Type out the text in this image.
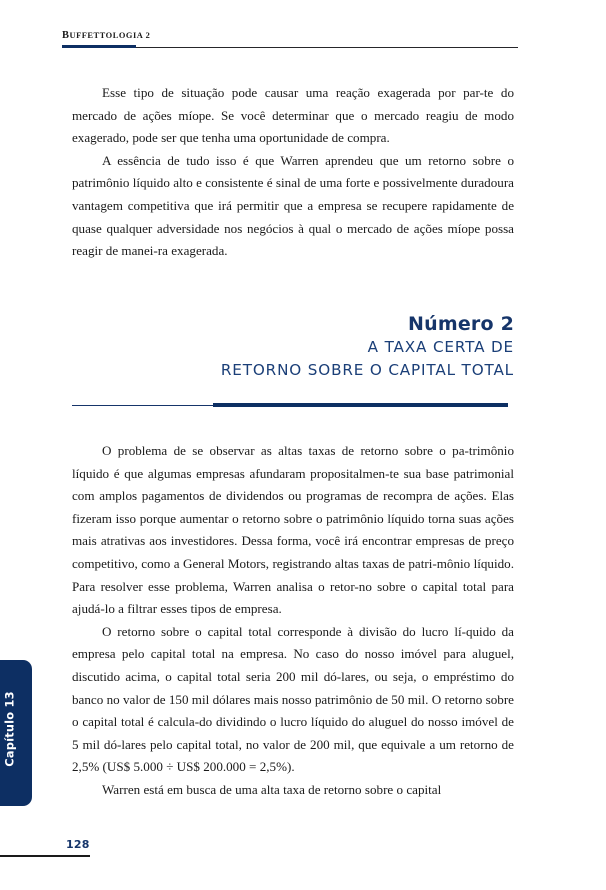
BUFFETTOLOGIA 2

Esse tipo de situação pode causar uma reação exagerada por par-te do mercado de ações míope. Se você determinar que o mercado reagiu de modo exagerado, pode ser que tenha uma oportunidade de compra.

A essência de tudo isso é que Warren aprendeu que um retorno sobre o patrimônio líquido alto e consistente é sinal de uma forte e possivelmente duradoura vantagem competitiva que irá permitir que a empresa se recupere rapidamente de quase qualquer adversidade nos negócios à qual o mercado de ações míope possa reagir de manei-ra exagerada.

Número 2

A TAXA CERTA DE

RETORNO SOBRE O CAPITAL TOTAL

O problema de se observar as altas taxas de retorno sobre o pa-trimônio líquido é que algumas empresas afundaram propositalmen-te sua base patrimonial com amplos pagamentos de dividendos ou programas de recompra de ações. Elas fizeram isso porque aumentar o retorno sobre o patrimônio líquido torna suas ações mais atrativas aos investidores. Dessa forma, você irá encontrar empresas de preço competitivo, como a General Motors, registrando altas taxas de patri-mônio líquido. Para resolver esse problema, Warren analisa o retor-no sobre o capital total para ajudá-lo a filtrar esses tipos de empresa.

O retorno sobre o capital total corresponde à divisão do lucro lí-quido da empresa pelo capital total na empresa. No caso do nosso imóvel para aluguel, discutido acima, o capital total seria 200 mil dó-lares, ou seja, o empréstimo do banco no valor de 150 mil dólares mais nosso patrimônio de 50 mil. O retorno sobre o capital total é calcula-do dividindo o lucro líquido do aluguel do nosso imóvel de 5 mil dó-lares pelo capital total, no valor de 200 mil, que equivale a um retorno de 2,5% (US$ 5.000 ÷ US$ 200.000 = 2,5%).

Warren está em busca de uma alta taxa de retorno sobre o capital

Capítulo 13
128
